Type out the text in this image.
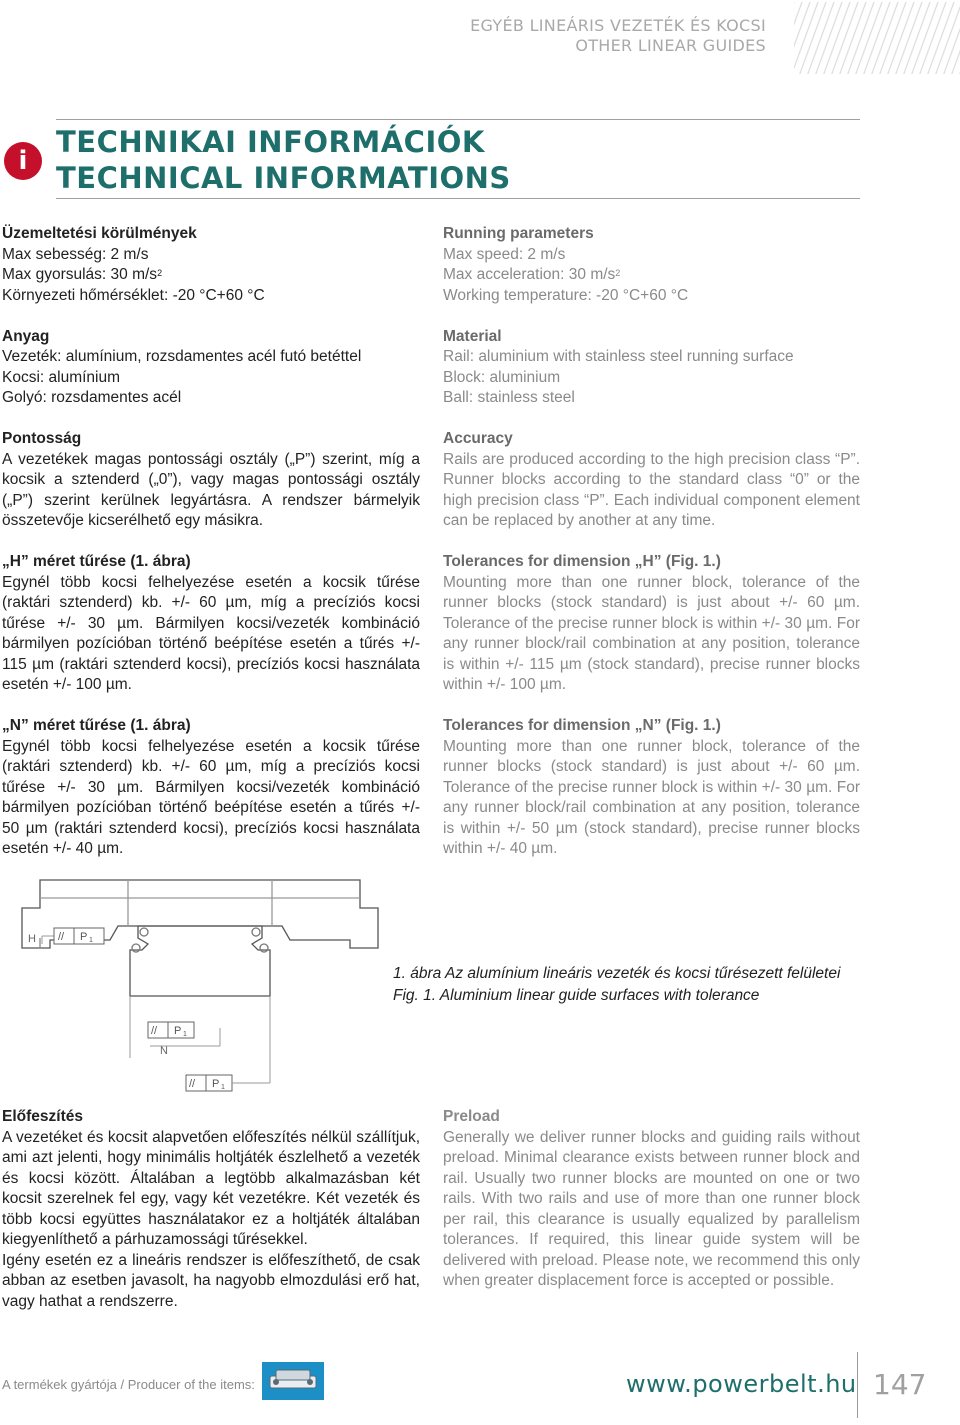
EGYÉB LINEÁRIS VEZETÉK ÉS KOCSI
OTHER LINEAR GUIDES
i
TECHNIKAI INFORMÁCIÓK
TECHNICAL INFORMATIONS
Üzemeltetési körülmények
Max sebesség: 2 m/s
Max gyorsulás: 30 $m/s^2$
Környezeti hőmérséklet: -20 °C+60 °C
Anyag
Vezeték: alumínium, rozsdamentes acél futó betéttel
Kocsi: alumínium
Golyó: rozsdamentes acél
Pontosság

A vezetékek magas pontossági osztály („P”) szerint, míg a kocsik a sztenderd („0”), vagy magas pontossági osztály („P”) szerint kerülnek legyártásra. A rendszer bármelyik összetevője kicserélhető egy másikra.

„H” méret tűrése (1. ábra)

Egynél több kocsi felhelyezése esetén a kocsik tűrése (raktári sztenderd) kb. +/- 60 µm, míg a precíziós kocsi tűrése +/- 30 µm. Bármilyen kocsi/vezeték kombináció bármilyen pozícióban történő beépítése esetén a tűrés +/- 115 µm (raktári sztenderd kocsi), precíziós kocsi használata esetén +/- 100 µm.

„N” méret tűrése (1. ábra)

Egynél több kocsi felhelyezése esetén a kocsik tűrése (raktári sztenderd) kb. +/- 60 µm, míg a precíziós kocsi tűrése +/- 30 µm. Bármilyen kocsi/vezeték kombináció bármilyen pozícióban történő beépítése esetén a tűrés +/- 50 µm (raktári sztenderd kocsi), precíziós kocsi használata esetén +/- 40 µm.

Running parameters
Max speed: 2 m/s
Max acceleration: 30 $m/s^2$
Working temperature: -20 °C+60 °C
Material
Rail: aluminium with stainless steel running surface
Block: aluminium
Ball: stainless steel
Accuracy

Rails are produced according to the high precision class “P”. Runner blocks according to the standard class “0” or the high precision class “P”. Each individual component element can be replaced by another at any time.

Tolerances for dimension „H” (Fig. 1.)

Mounting more than one runner block, tolerance of the runner blocks (stock standard) is just about +/- 60 µm. Tolerance of the precise runner block is within +/- 30 µm. For any runner block/rail combination at any position, tolerance is within +/- 115 µm (stock standard), precise runner blocks within +/- 100 µm.

Tolerances for dimension „N” (Fig. 1.)

Mounting more than one runner block, tolerance of the runner blocks (stock standard) is just about +/- 60 µm. Tolerance of the precise runner block is within +/- 30 µm. For any runner block/rail combination at any position, tolerance is within +/- 50 µm (stock standard), precise runner blocks within +/- 40 µm.

H // P 1
// P 1
N
// P 1
1. ábra Az alumínium lineáris vezeték és kocsi tűrésezett felületei
Fig. 1. Aluminium linear guide surfaces with tolerance
Előfeszítés

A vezetéket és kocsit alapvetően előfeszítés nélkül szállítjuk, ami azt jelenti, hogy minimális holtjáték észlelhető a vezeték és kocsi között. Általában a legtöbb alkalmazásban két kocsit szerelnek fel egy, vagy két vezetékre. Két vezeték és több kocsi együttes használatakor ez a holtjáték általában kiegyenlíthető a párhuzamossági tűrésekkel.

Igény esetén ez a lineáris rendszer is előfeszíthető, de csak abban az esetben javasolt, ha nagyobb elmozdulási erő hat, vagy hathat a rendszerre.

Preload

Generally we deliver runner blocks and guiding rails without preload. Minimal clearance exists between runner block and rail. Usually two runner blocks are mounted on one or two rails. With two rails and use of more than one runner block per rail, this clearance is usually equalized by parallelism tolerances. If required, this linear guide system will be delivered with preload. Please note, we recommend this only when greater displacement force is accepted or possible.

A termékek gyártója / Producer of the items:	www.powerbelt.hu 147
